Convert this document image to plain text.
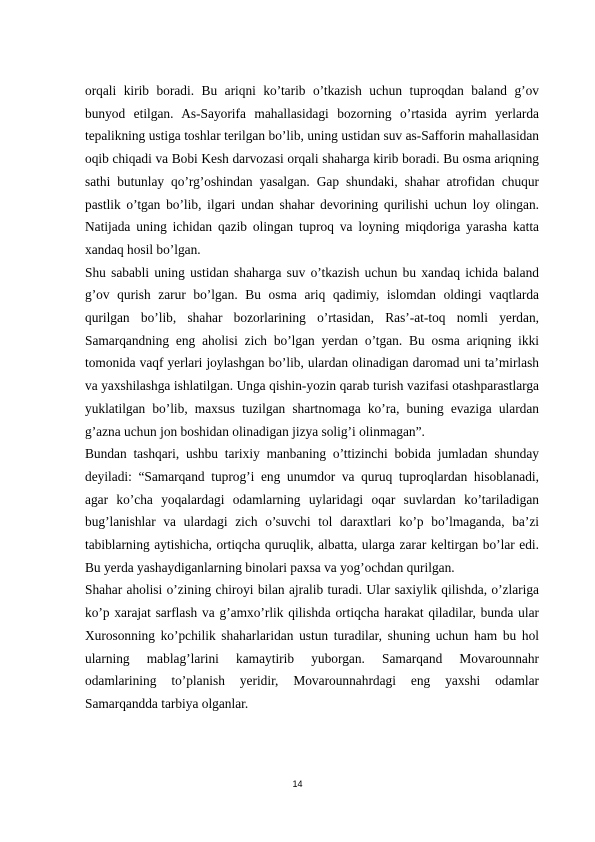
orqali kirib boradi. Bu ariqni ko’tarib o’tkazish uchun tuproqdan baland g’ov bunyod etilgan. As-Sayorifa mahallasidagi bozorning o’rtasida ayrim yerlarda tepalikning ustiga toshlar terilgan bo’lib, uning ustidan suv as-Safforin mahallasidan oqib chiqadi va Bobi Kesh darvozasi orqali shaharga kirib boradi. Bu osma ariqning sathi butunlay qo’rg’oshindan yasalgan. Gap shundaki, shahar atrofidan chuqur pastlik o’tgan bo’lib, ilgari undan shahar devorining qurilishi uchun loy olingan. Natijada uning ichidan qazib olingan tuproq va loyning miqdoriga yarasha katta xandaq hosil bo’lgan.

Shu sababli uning ustidan shaharga suv o’tkazish uchun bu xandaq ichida baland g’ov qurish zarur bo’lgan. Bu osma ariq qadimiy, islomdan oldingi vaqtlarda qurilgan bo’lib, shahar bozorlarining o’rtasidan, Ras’-at-toq nomli yerdan, Samarqandning eng aholisi zich bo’lgan yerdan o’tgan. Bu osma ariqning ikki tomonida vaqf yerlari joylashgan bo’lib, ulardan olinadigan daromad uni ta’mirlash va yaxshilashga ishlatilgan. Unga qishin-yozin qarab turish vazifasi otashparastlarga yuklatilgan bo’lib, maxsus tuzilgan shartnomaga ko’ra, buning evaziga ulardan g’azna uchun jon boshidan olinadigan jizya solig’i olinmagan”.

Bundan tashqari, ushbu tarixiy manbaning o’ttizinchi bobida jumladan shunday deyiladi: “Samarqand tuprog’i eng unumdor va quruq tuproqlardan hisoblanadi, agar ko’cha yoqalardagi odamlarning uylaridagi oqar suvlardan ko’tariladigan bug’lanishlar va ulardagi zich o’suvchi tol daraxtlari ko’p bo’lmaganda, ba’zi tabiblarning aytishicha, ortiqcha quruqlik, albatta, ularga zarar keltirgan bo’lar edi. Bu yerda yashaydiganlarning binolari paxsa va yog’ochdan qurilgan.

Shahar aholisi o’zining chiroyi bilan ajralib turadi. Ular saxiylik qilishda, o’zlariga ko’p xarajat sarflash va g’amxo’rlik qilishda ortiqcha harakat qiladilar, bunda ular Xurosonning ko’pchilik shaharlaridan ustun turadilar, shuning uchun ham bu hol ularning mablag’larini kamaytirib yuborgan. Samarqand Movarounnahr odamlarining to’planish yeridir, Movarounnahrdagi eng yaxshi odamlar Samarqandda tarbiya olganlar.

14
